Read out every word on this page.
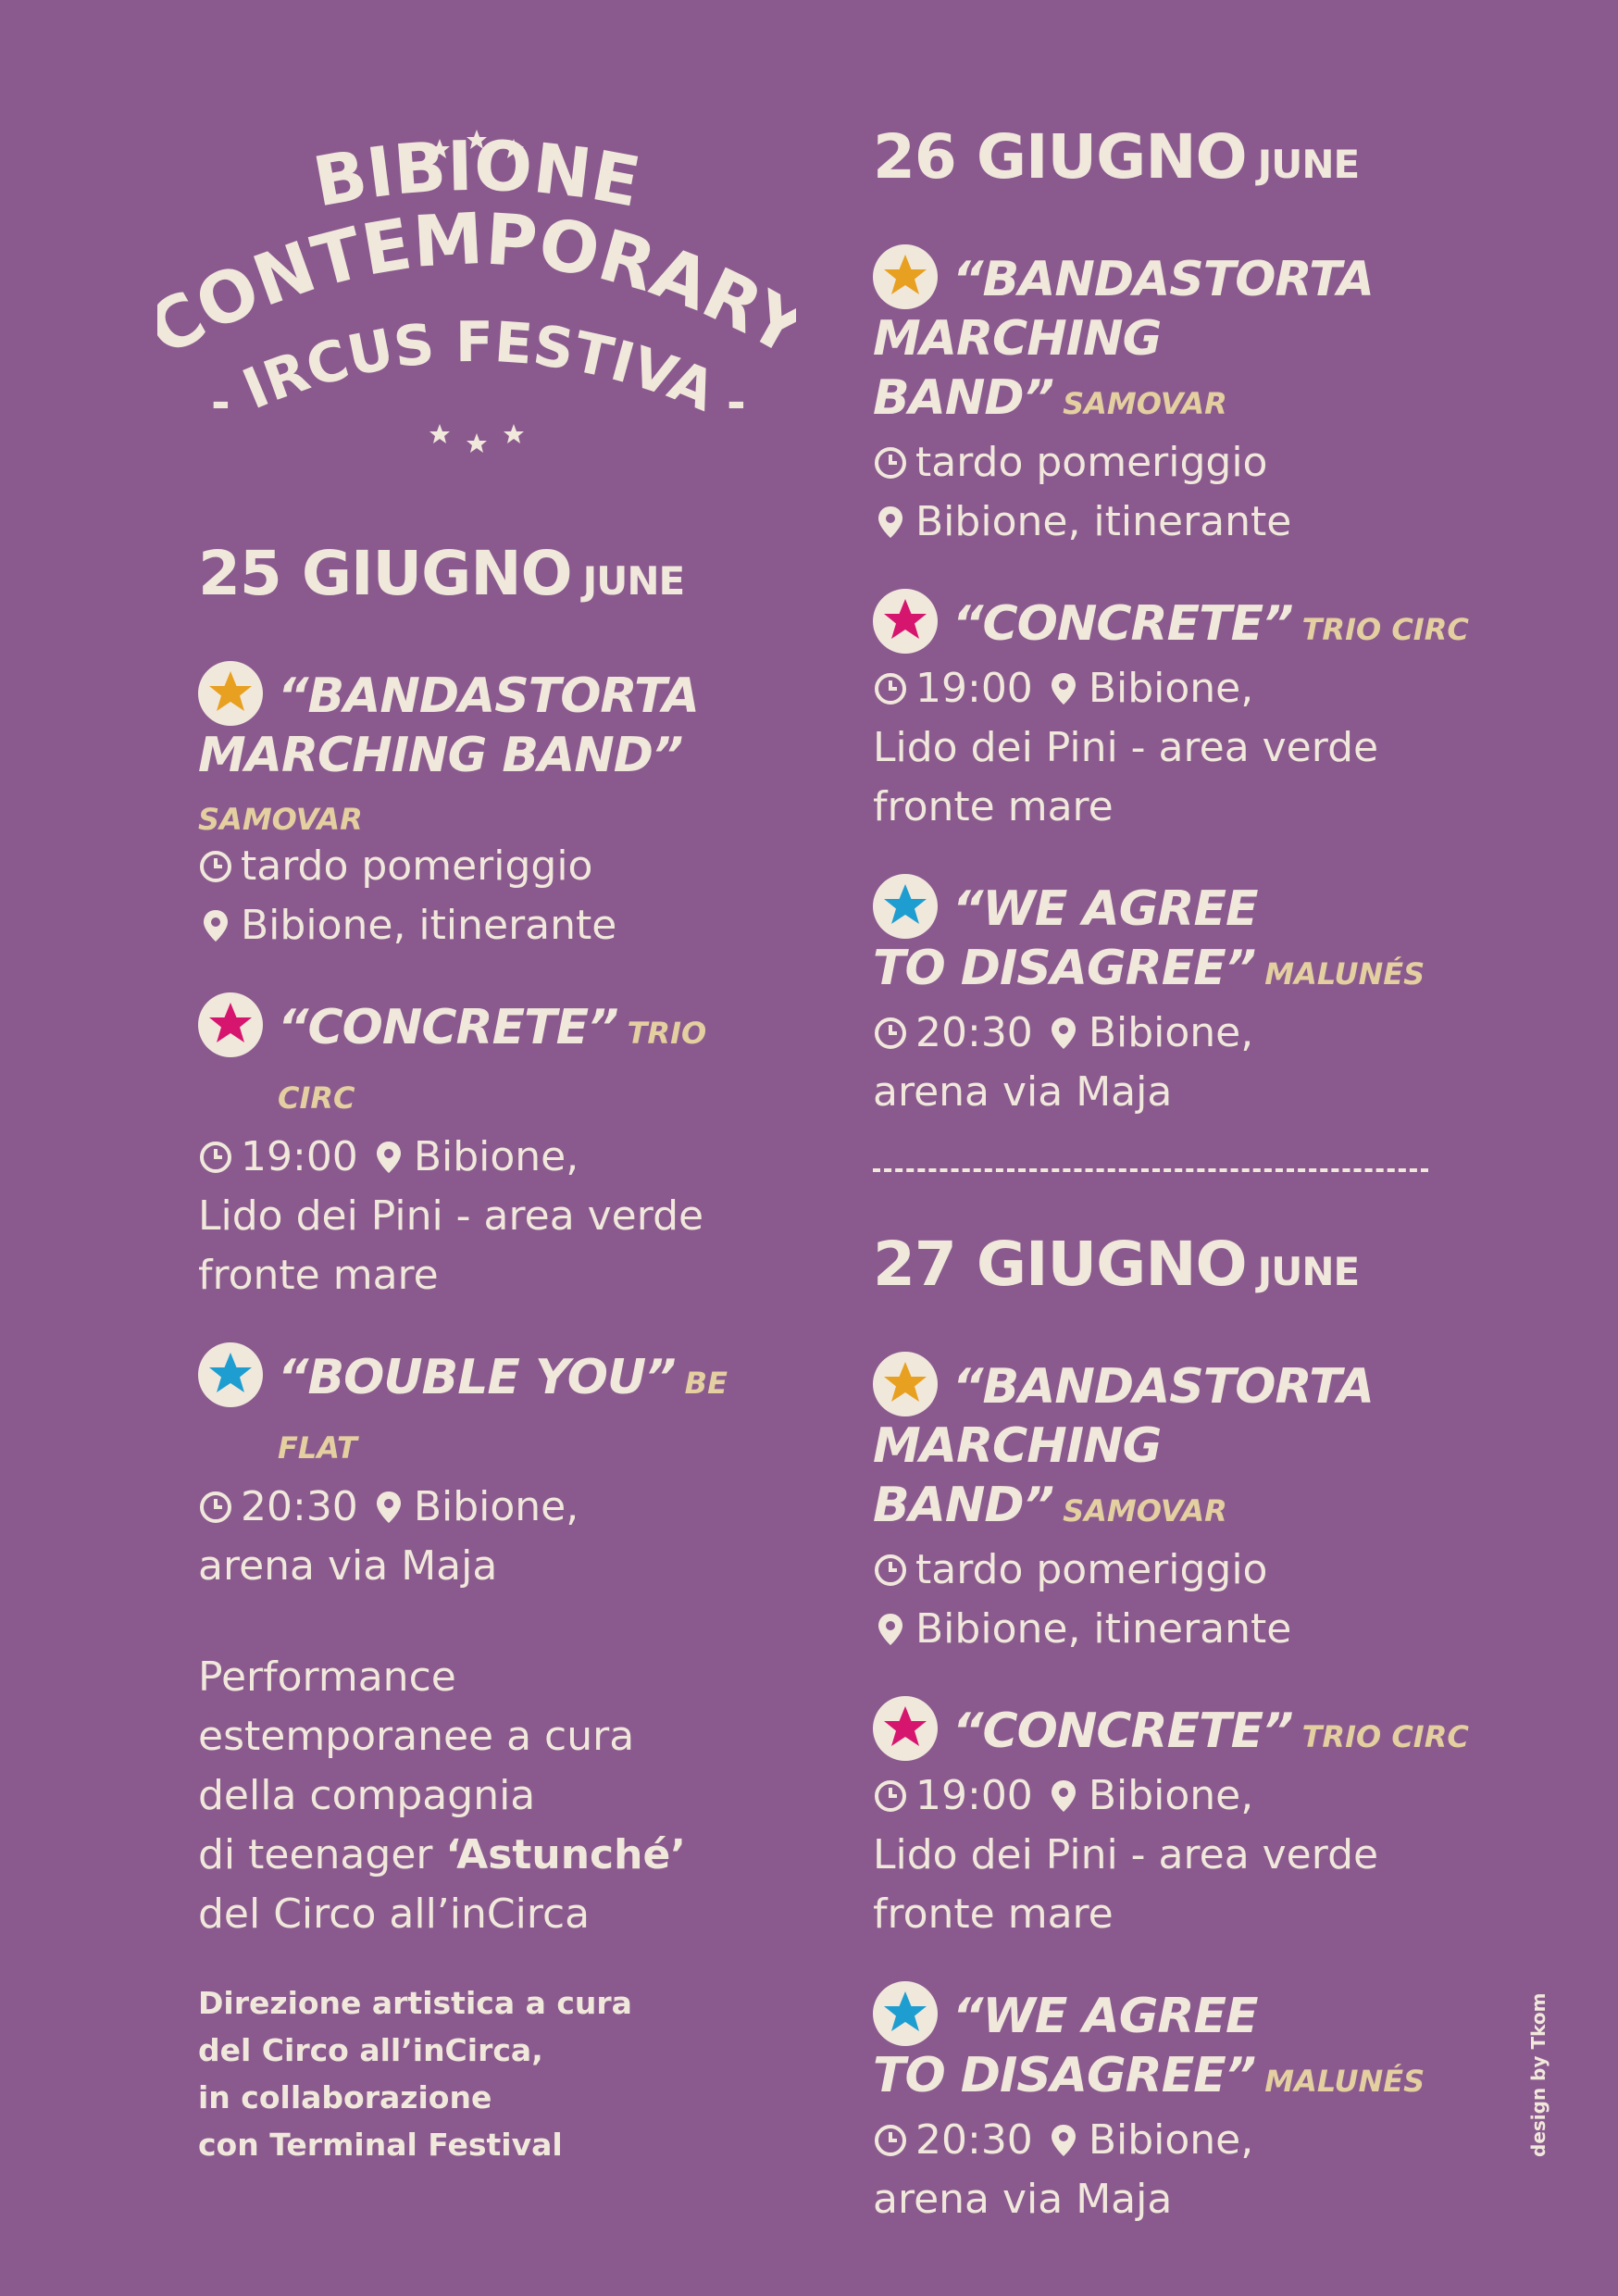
BIBIONE
ONTEMPORAR
IRCUS FESTIVA
-	-
25 GIUGNO JUNE
“BANDASTORTA
MARCHING BAND”
SAMOVAR
tardo pomeriggio
Bibione, itinerante
“CONCRETE” TRIO CIRC
19:00 Bibione,
Lido dei Pini - area verde
fronte mare
“BOUBLE YOU” BE FLAT
20:30 Bibione,
arena via Maja
Performance
estemporanee a cura
della compagnia
di teenager ‘Astunché’
del Circo all’inCirca
26 GIUGNO JUNE
“BANDASTORTA
MARCHING BAND” SAMOVAR
tardo pomeriggio
Bibione, itinerante
“CONCRETE” TRIO CIRC
19:00 Bibione,
Lido dei Pini - area verde
fronte mare
“WE AGREE
TO DISAGREE” MALUNÉS
20:30 Bibione,
arena via Maja
27 GIUGNO JUNE
“BANDASTORTA
MARCHING BAND” SAMOVAR
tardo pomeriggio
Bibione, itinerante
“CONCRETE” TRIO CIRC
19:00 Bibione,
Lido dei Pini - area verde
fronte mare
“WE AGREE
TO DISAGREE” MALUNÉS
20:30 Bibione,
arena via Maja
Direzione artistica a cura
del Circo all’inCirca,
in collaborazione
con Terminal Festival	design by Tkom
